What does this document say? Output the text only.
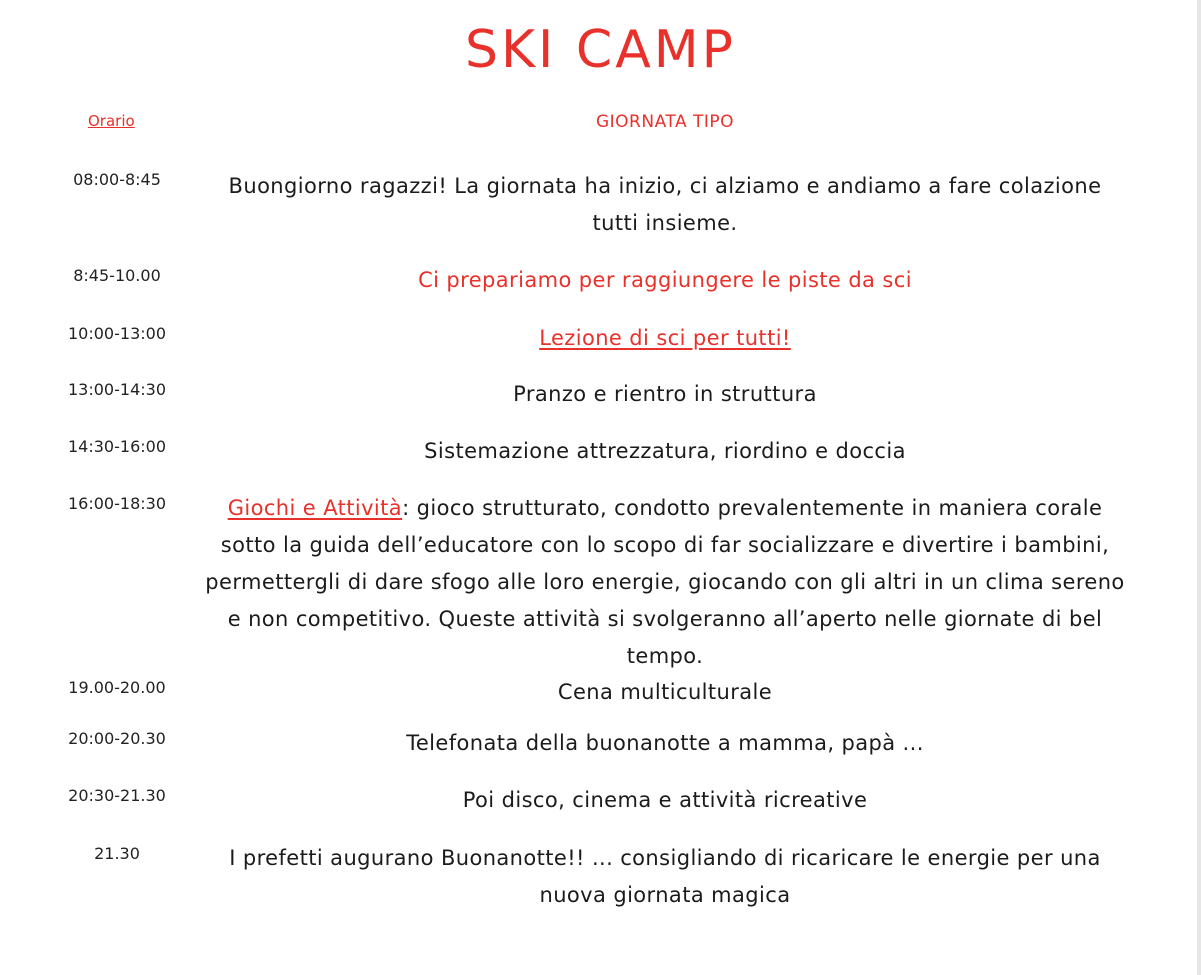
SKI CAMP
Orario	GIORNATA TIPO
08:00-8:45	Buongiorno ragazzi! La giornata ha inizio, ci alziamo e andiamo a fare colazione tutti insieme.
8:45-10.00	Ci prepariamo per raggiungere le piste da sci
10:00-13:00	Lezione di sci per tutti!
13:00-14:30	Pranzo e rientro in struttura
14:30-16:00	Sistemazione attrezzatura, riordino e doccia
16:00-18:30	Giochi e Attività: gioco strutturato, condotto prevalentemente in maniera corale sotto la guida dell’educatore con lo scopo di far socializzare e divertire i bambini, permettergli di dare sfogo alle loro energie, giocando con gli altri in un clima sereno e non competitivo. Queste attività si svolgeranno all’aperto nelle giornate di bel tempo.
19.00-20.00	Cena multiculturale
20:00-20.30	Telefonata della buonanotte a mamma, papà ...
20:30-21.30	Poi disco, cinema e attività ricreative
21.30	I prefetti augurano Buonanotte!! ... consigliando di ricaricare le energie per una nuova giornata magica
